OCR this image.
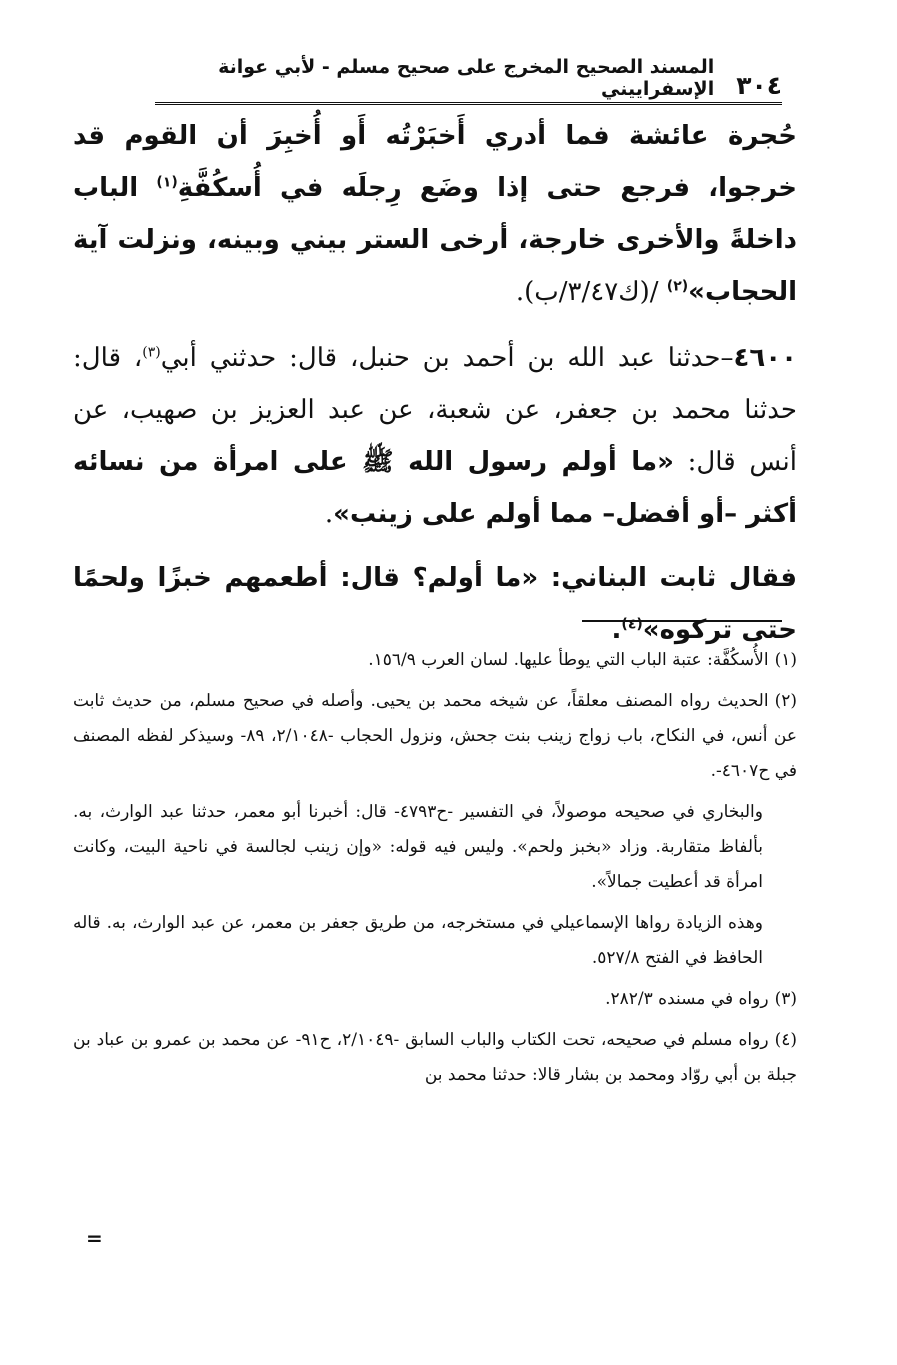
٣٠٤
المسند الصحيح المخرج على صحيح مسلم - لأبي عوانة الإسفراييني

حُجرة عائشة فما أدري أَخبَرْتُه أَو أُخبِرَ أن القوم قد خرجوا، فرجع حتى إذا وضَع رِجلَه في أُسكُفَّةِ$^{(١)}$ الباب داخلةً والأخرى خارجة، أرخى الستر بيني وبينه، ونزلت آية الحجاب»$^{(٢)}$ /(ك٣/٤٧/ب).

٤٦٠٠–حدثنا عبد الله بن أحمد بن حنبل، قال: حدثني أبي$^{(٣)}$، قال: حدثنا محمد بن جعفر، عن شعبة، عن عبد العزيز بن صهيب، عن أنس قال: «ما أولم رسول الله ﷺ على امرأة من نسائه أكثر –أو أفضل– مما أولم على زينب».

فقال ثابت البناني: «ما أولم؟ قال: أطعمهم خبزًا ولحمًا حتى تركوه»$^{(٤)}$.

(١)الأُسكُفَّة: عتبة الباب التي يوطأ عليها. لسان العرب ١٥٦/٩.

(٢)الحديث رواه المصنف معلقاً، عن شيخه محمد بن يحيى. وأصله في صحيح مسلم، من حديث ثابت عن أنس، في النكاح، باب زواج زينب بنت جحش، ونزول الحجاب -٢/١٠٤٨، ٨٩- وسيذكر لفظه المصنف في ح٤٦٠٧-.

والبخاري في صحيحه موصولاً، في التفسير -ح٤٧٩٣- قال: أخبرنا أبو معمر، حدثنا عبد الوارث، به. بألفاظ متقاربة. وزاد «بخبز ولحم». وليس فيه قوله: «وإن زينب لجالسة في ناحية البيت، وكانت امرأة قد أعطيت جمالاً».

وهذه الزيادة رواها الإسماعيلي في مستخرجه، من طريق جعفر بن معمر، عن عبد الوارث، به. قاله الحافظ في الفتح ٥٢٧/٨.

(٣)رواه في مسنده ٢٨٢/٣.

(٤)رواه مسلم في صحيحه، تحت الكتاب والباب السابق -٢/١٠٤٩، ح٩١- عن محمد بن عمرو بن عباد بن جبلة بن أبي روّاد ومحمد بن بشار قالا: حدثنا محمد بن

=
